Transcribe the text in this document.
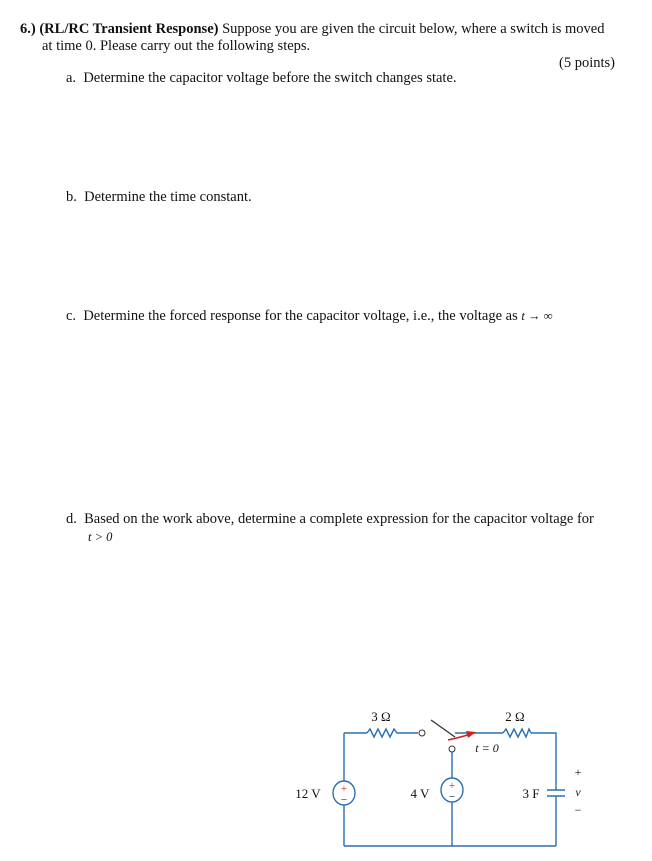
6.) (RL/RC Transient Response) Suppose you are given the circuit below, where a switch is moved
at time 0. Please carry out the following steps.
(5 points)
a. Determine the capacitor voltage before the switch changes state.
b. Determine the time constant.
c. Determine the forced response for the capacitor voltage, i.e., the voltage as t → ∞
d. Based on the work above, determine a complete expression for the capacitor voltage for
t > 0
+
−
+
−
3 Ω	2 Ω
t = 0
12 V	4 V	3 F
+
v
−
